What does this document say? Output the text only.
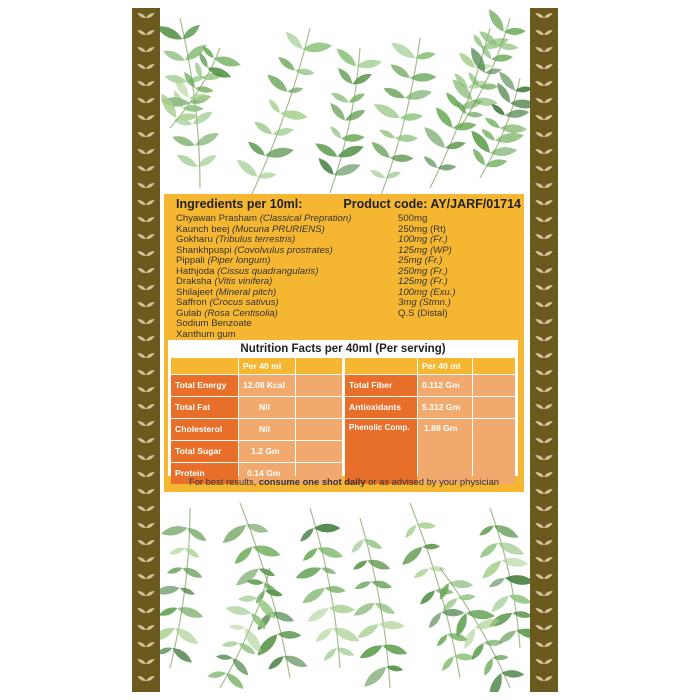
Ingredients per 10ml:	Product code: AY/JARF/01714
Chyawan Prasham (Classical Prepration)	500mg
Kaunch beej (Mucuna PRURIENS)	250mg (Rt)
Gokharu (Tribulus terrestris)	100mg (Fr.)
Shankhpuspi (Covolvulus prostrates)	125mg (WP)
Pippali (Piper longum)	25mg (Fr.)
Hathjoda (Cissus quadrangularis)	250mg (Fr.)
Draksha (Vitis vinifera)	125mg (Fr.)
Shilajeet (Mineral pitch)	100mg (Exu.)
Saffron (Crocus sativus)	3mg (Stmn.)
Gulab (Rosa Centisolia)	Q.S (Distal)
Sodium Benzoate
Xanthum gum
Nutrition Facts per 40ml (Per serving)
Per 40 ml
Total Energy	12.08 Kcal
Total Fat	Nil
Cholesterol	Nil
Total Sugar	1.2 Gm
Protein	0.14 Gm
Per 40 ml
Total Fiber	0.112 Gm
Antioxidants	5.312 Gm
Phenolic Comp.	1.88 Gm
For best results, consume one shot daily or as advised by your physician
